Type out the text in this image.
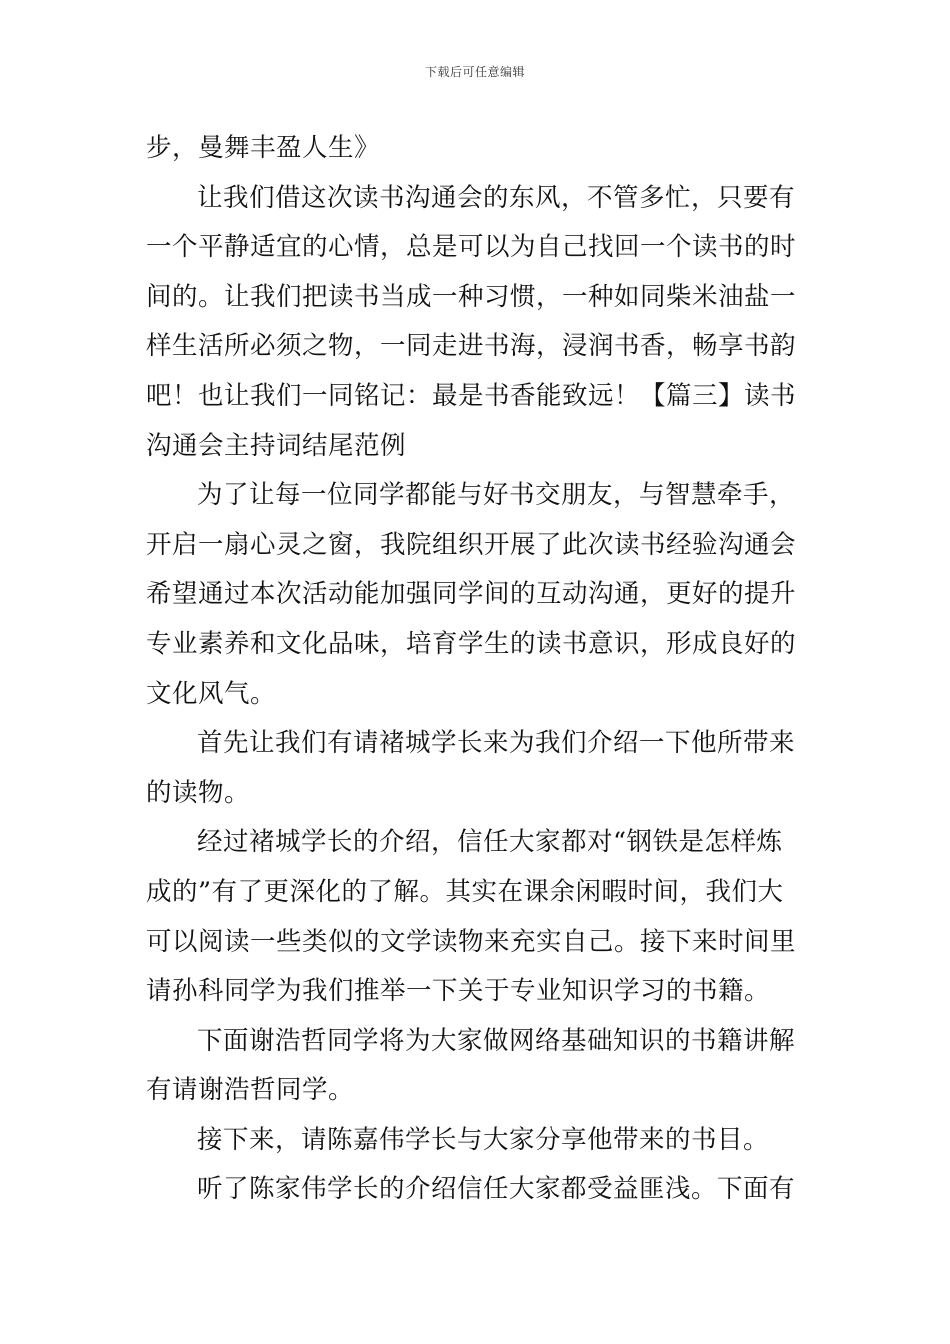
下载后可任意编辑
步，曼舞丰盈人生》
让我们借这次读书沟通会的东风，不管多忙，只要有
一个平静适宜的心情，总是可以为自己找回一个读书的时
间的。让我们把读书当成一种习惯，一种如同柴米油盐一
样生活所必须之物，一同走进书海，浸润书香，畅享书韵
吧！也让我们一同铭记：最是书香能致远！【篇三】读书
沟通会主持词结尾范例
为了让每一位同学都能与好书交朋友，与智慧牵手，
开启一扇心灵之窗，我院组织开展了此次读书经验沟通会
希望通过本次活动能加强同学间的互动沟通，更好的提升
专业素养和文化品味，培育学生的读书意识，形成良好的
文化风气。
首先让我们有请褚城学长来为我们介绍一下他所带来
的读物。
经过褚城学长的介绍，信任大家都对“钢铁是怎样炼
成的”有了更深化的了解。其实在课余闲暇时间，我们大
可以阅读一些类似的文学读物来充实自己。接下来时间里
请孙科同学为我们推举一下关于专业知识学习的书籍。
下面谢浩哲同学将为大家做网络基础知识的书籍讲解
有请谢浩哲同学。
接下来，请陈嘉伟学长与大家分享他带来的书目。
听了陈家伟学长的介绍信任大家都受益匪浅。下面有
